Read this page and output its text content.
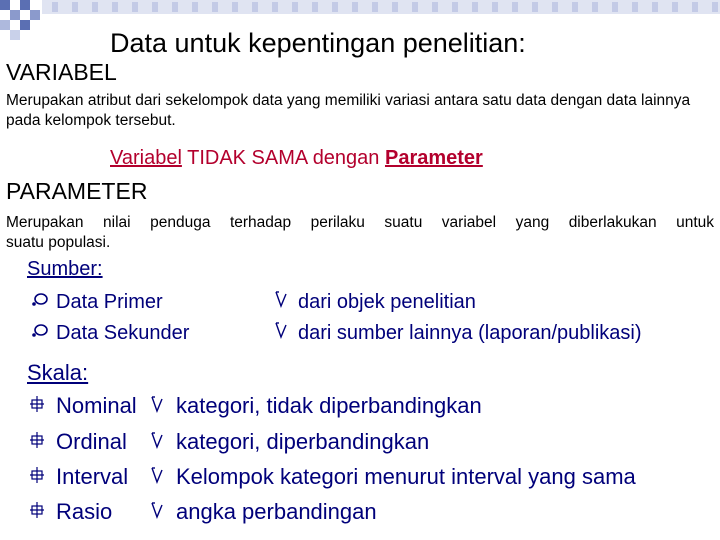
Data untuk kepentingan penelitian:
VARIABEL
Merupakan atribut dari sekelompok data yang memiliki variasi antara satu data dengan data lainnya pada kelompok tersebut.
Variabel TIDAK SAMA dengan Parameter
PARAMETER
Merupakan nilai penduga terhadap perilaku suatu variabel yang diberlakukan untuk
suatu populasi.
Sumber:
Data Primer	dari objek penelitian
Data Sekunder	dari sumber lainnya (laporan/publikasi)
Skala:
Nominal	kategori, tidak diperbandingkan
Ordinal	kategori, diperbandingkan
Interval	Kelompok kategori menurut interval yang sama
Rasio	angka perbandingan
